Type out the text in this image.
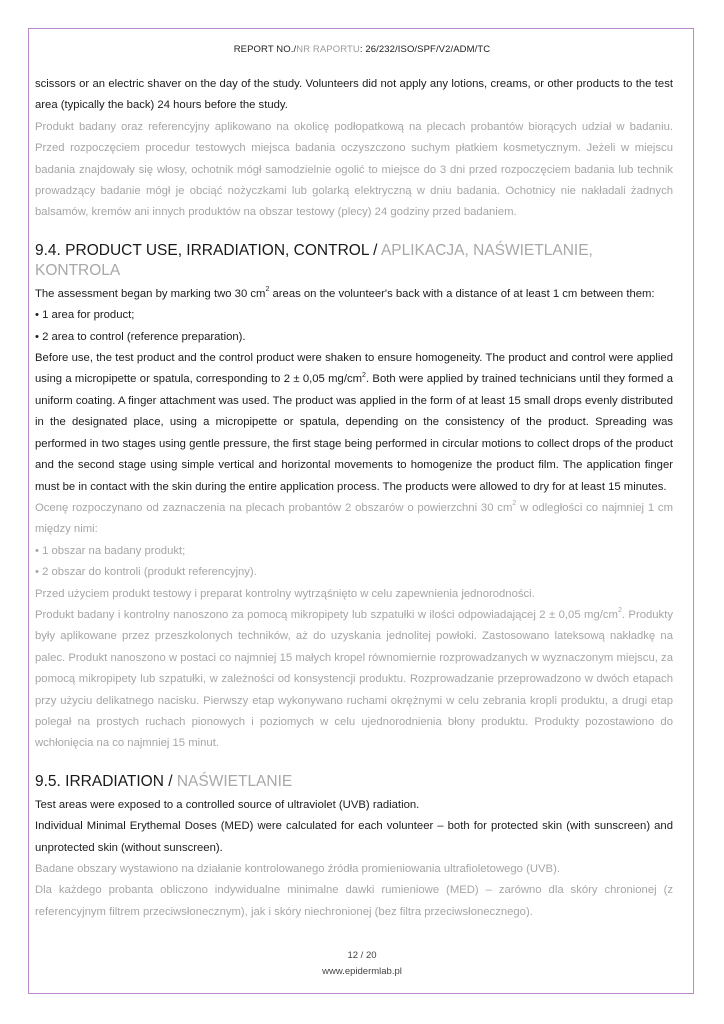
REPORT NO./NR RAPORTU: 26/232/ISO/SPF/V2/ADM/TC

scissors or an electric shaver on the day of the study. Volunteers did not apply any lotions, creams, or other products to the test area (typically the back) 24 hours before the study.

Produkt badany oraz referencyjny aplikowano na okolicę podłopatkową na plecach probantów biorących udział w badaniu. Przed rozpoczęciem procedur testowych miejsca badania oczyszczono suchym płatkiem kosmetycznym. Jeżeli w miejscu badania znajdowały się włosy, ochotnik mógł samodzielnie ogolić to miejsce do 3 dni przed rozpoczęciem badania lub technik prowadzący badanie mógł je obciąć nożyczkami lub golarką elektryczną w dniu badania. Ochotnicy nie nakładali żadnych balsamów, kremów ani innych produktów na obszar testowy (plecy) 24 godziny przed badaniem.

9.4. PRODUCT USE, IRRADIATION, CONTROL / APLIKACJA, NAŚWIETLANIE, KONTROLA

The assessment began by marking two 30 $cm^2$ areas on the volunteer's back with a distance of at least 1 cm between them:

• 1 area for product;

• 2 area to control (reference preparation).

Before use, the test product and the control product were shaken to ensure homogeneity. The product and control were applied using a micropipette or spatula, corresponding to 2 ± 0,05 $mg/cm^2$. Both were applied by trained technicians until they formed a uniform coating. A finger attachment was used. The product was applied in the form of at least 15 small drops evenly distributed in the designated place, using a micropipette or spatula, depending on the consistency of the product. Spreading was performed in two stages using gentle pressure, the first stage being performed in circular motions to collect drops of the product and the second stage using simple vertical and horizontal movements to homogenize the product film. The application finger must be in contact with the skin during the entire application process. The products were allowed to dry for at least 15 minutes.

Ocenę rozpoczynano od zaznaczenia na plecach probantów 2 obszarów o powierzchni 30 $cm^2$ w odległości co najmniej 1 cm między nimi:

• 1 obszar na badany produkt;

• 2 obszar do kontroli (produkt referencyjny).

Przed użyciem produkt testowy i preparat kontrolny wytrząśnięto w celu zapewnienia jednorodności.

Produkt badany i kontrolny nanoszono za pomocą mikropipety lub szpatułki w ilości odpowiadającej 2 ± 0,05 $mg/cm^2$. Produkty były aplikowane przez przeszkolonych techników, aż do uzyskania jednolitej powłoki. Zastosowano lateksową nakładkę na palec. Produkt nanoszono w postaci co najmniej 15 małych kropel równomiernie rozprowadzanych w wyznaczonym miejscu, za pomocą mikropipety lub szpatułki, w zależności od konsystencji produktu. Rozprowadzanie przeprowadzono w dwóch etapach przy użyciu delikatnego nacisku. Pierwszy etap wykonywano ruchami okrężnymi w celu zebrania kropli produktu, a drugi etap polegał na prostych ruchach pionowych i poziomych w celu ujednorodnienia błony produktu. Produkty pozostawiono do wchłonięcia na co najmniej 15 minut.

9.5. IRRADIATION / NAŚWIETLANIE

Test areas were exposed to a controlled source of ultraviolet (UVB) radiation.

Individual Minimal Erythemal Doses (MED) were calculated for each volunteer – both for protected skin (with sunscreen) and unprotected skin (without sunscreen).

Badane obszary wystawiono na działanie kontrolowanego źródła promieniowania ultrafioletowego (UVB).

Dla każdego probanta obliczono indywidualne minimalne dawki rumieniowe (MED) – zarówno dla skóry chronionej (z referencyjnym filtrem przeciwsłonecznym), jak i skóry niechronionej (bez filtra przeciwsłonecznego).

12 / 20
www.epidermlab.pl
